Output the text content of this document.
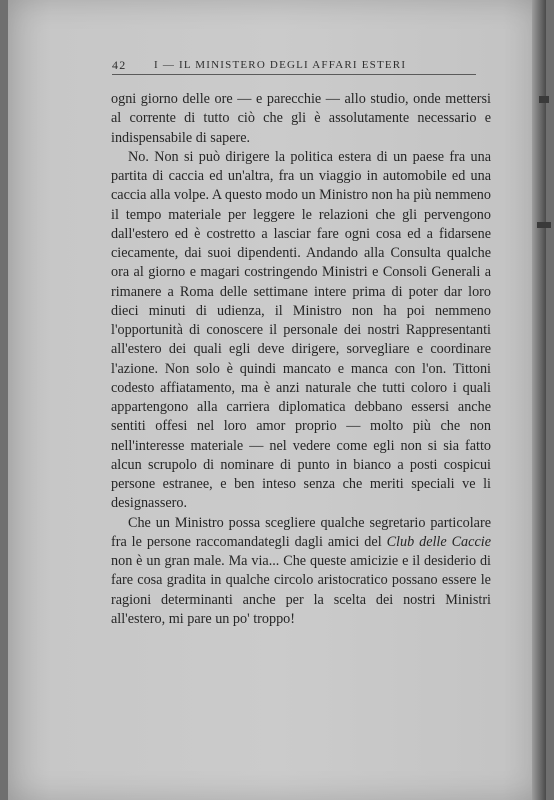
42	I — IL MINISTERO DEGLI AFFARI ESTERI

ogni giorno delle ore — e parecchie — allo studio, onde mettersi al corrente di tutto ciò che gli è assolutamente necessario e indispensabile di sapere.

No. Non si può dirigere la politica estera di un paese fra una partita di caccia ed un'altra, fra un viaggio in automobile ed una caccia alla volpe. A questo modo un Ministro non ha più nemmeno il tempo materiale per leggere le relazioni che gli pervengono dall'estero ed è costretto a lasciar fare ogni cosa ed a fidarsene ciecamente, dai suoi dipendenti. Andando alla Consulta qualche ora al giorno e magari costringendo Ministri e Consoli Generali a rimanere a Roma delle settimane intere prima di poter dar loro dieci minuti di udienza, il Ministro non ha poi nemmeno l'opportunità di conoscere il personale dei nostri Rappresentanti all'estero dei quali egli deve dirigere, sorvegliare e coordinare l'azione. Non solo è quindi mancato e manca con l'on. Tittoni codesto affiatamento, ma è anzi naturale che tutti coloro i quali appartengono alla carriera diplomatica debbano essersi anche sentiti offesi nel loro amor proprio — molto più che non nell'interesse materiale — nel vedere come egli non si sia fatto alcun scrupolo di nominare di punto in bianco a posti cospicui persone estranee, e ben inteso senza che meriti speciali ve li designassero.

Che un Ministro possa scegliere qualche segretario particolare fra le persone raccomandategli dagli amici del Club delle Caccie non è un gran male. Ma via... Che queste amicizie e il desiderio di fare cosa gradita in qualche circolo aristocratico possano essere le ragioni determinanti anche per la scelta dei nostri Ministri all'estero, mi pare un po' troppo!
